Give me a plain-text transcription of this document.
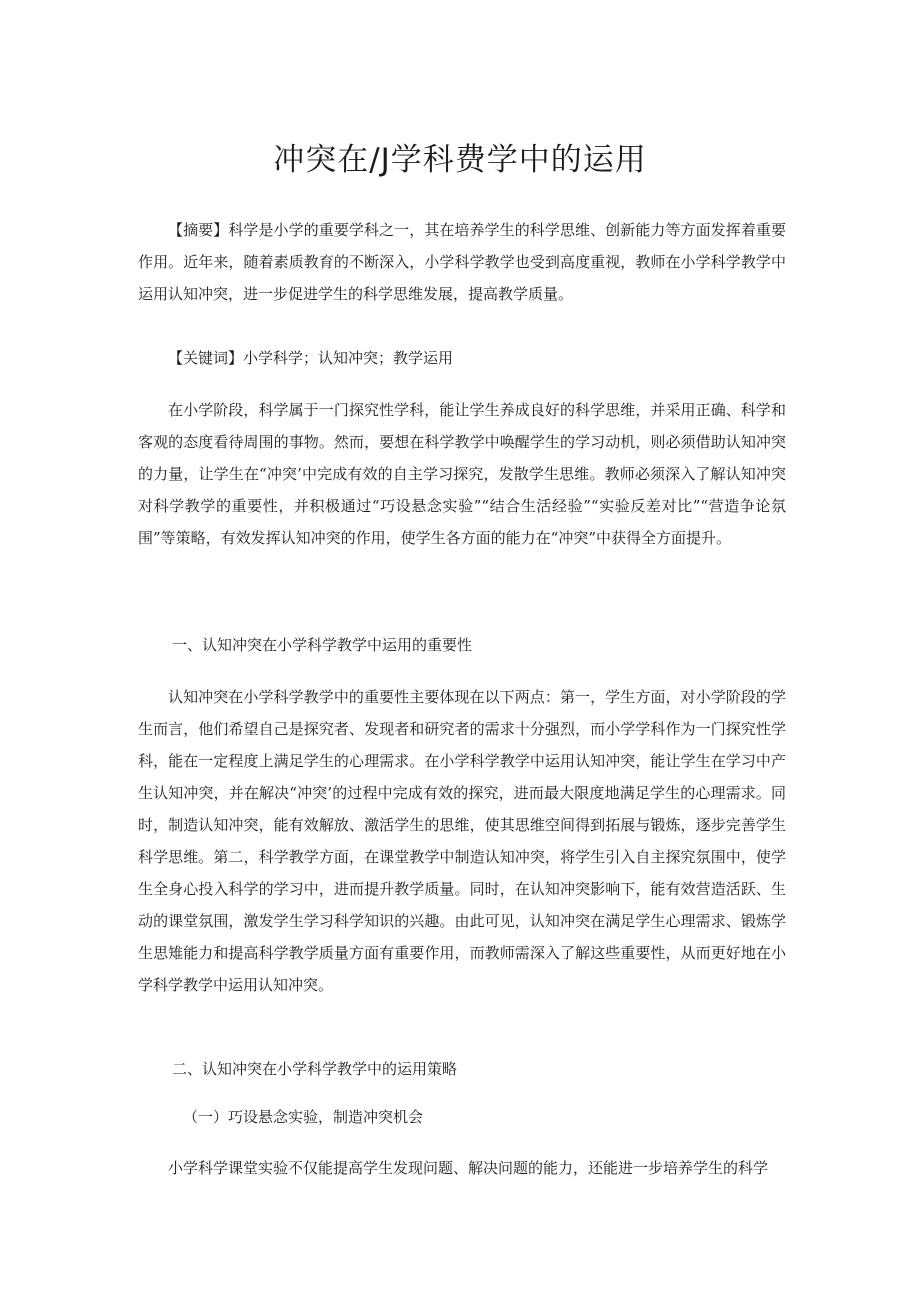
冲突在/J学科费学中的运用

【摘要】科学是小学的重要学科之一，其在培养学生的科学思维、创新能力等方面发挥着重要作用。近年来，随着素质教育的不断深入，小学科学教学也受到高度重视，教师在小学科学教学中运用认知冲突，进一步促进学生的科学思维发展，提高教学质量。

【关键词】小学科学；认知冲突；教学运用

在小学阶段，科学属于一门探究性学科，能让学生养成良好的科学思维，并采用正确、科学和客观的态度看待周围的事物。然而，要想在科学教学中唤醒学生的学习动机，则必须借助认知冲突的力量，让学生在“冲突’中完成有效的自主学习探究，发散学生思维。教师必须深入了解认知冲突对科学教学的重要性，并积极通过“巧设悬念实验”“结合生活经验”“实验反差对比”“营造争论氛围”等策略，有效发挥认知冲突的作用，使学生各方面的能力在“冲突”中获得全方面提升。

一、认知冲突在小学科学教学中运用的重要性

认知冲突在小学科学教学中的重要性主要体现在以下两点：第一，学生方面，对小学阶段的学生而言，他们希望自己是探究者、发现者和研究者的需求十分强烈，而小学学科作为一门探究性学科，能在一定程度上满足学生的心理需求。在小学科学教学中运用认知冲突，能让学生在学习中产生认知冲突，并在解决“冲突’的过程中完成有效的探究，进而最大限度地满足学生的心理需求。同时，制造认知冲突，能有效解放、激活学生的思维，使其思维空间得到拓展与锻炼，逐步完善学生科学思维。第二，科学教学方面，在课堂教学中制造认知冲突，将学生引入自主探究氛围中，使学生全身心投入科学的学习中，进而提升教学质量。同时，在认知冲突影响下，能有效营造活跃、生动的课堂氛围，激发学生学习科学知识的兴趣。由此可见，认知冲突在满足学生心理需求、锻炼学生思雉能力和提高科学教学质量方面有重要作用，而教师需深入了解这些重要性，从而更好地在小学科学教学中运用认知冲突。

二、认知冲突在小学科学教学中的运用策略
（一）巧设悬念实验，制造冲突机会

小学科学课堂实验不仅能提高学生发现问题、解决问题的能力，还能进一步培养学生的科学
